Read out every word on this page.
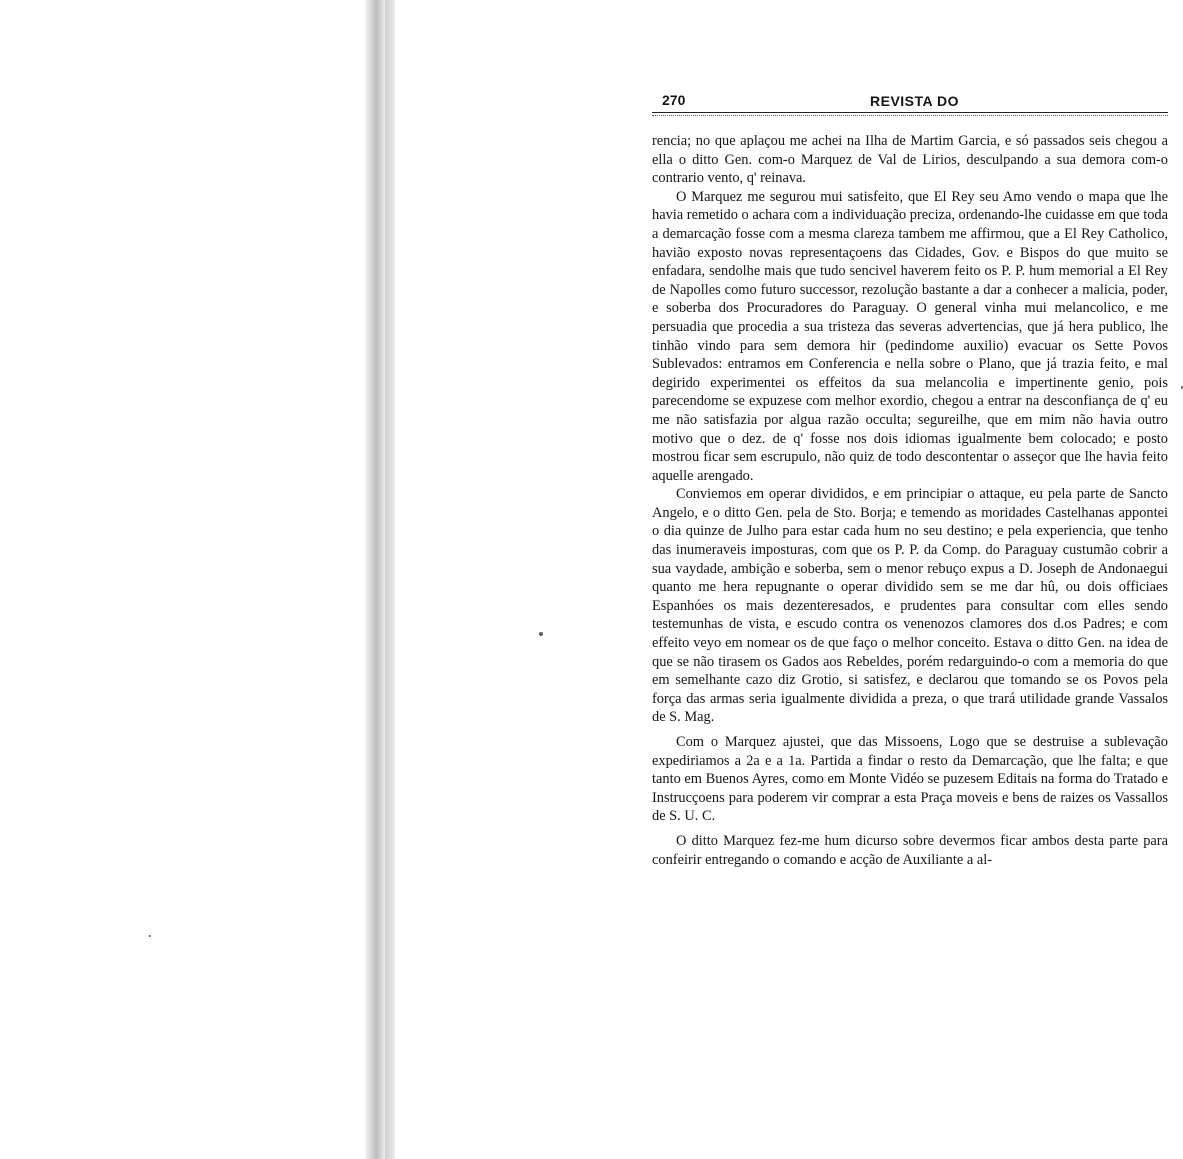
270	REVISTA DO

rencia; no que aplaçou me achei na Ilha de Martim Garcia, e só passados seis chegou a ella o ditto Gen. com-o Marquez de Val de Lirios, desculpando a sua demora com-o contrario vento, q' reinava.

O Marquez me segurou mui satisfeito, que El Rey seu Amo vendo o mapa que lhe havia remetido o achara com a individuação preciza, ordenando-lhe cuidasse em que toda a demarcação fosse com a mesma clareza tambem me affirmou, que a El Rey Catholico, havião exposto novas representaçoens das Cidades, Gov. e Bispos do que muito se enfadara, sendolhe mais que tudo sencivel haverem feito os P. P. hum memorial a El Rey de Napolles como futuro successor, rezolução bastante a dar a conhecer a malicia, poder, e soberba dos Procuradores do Paraguay. O general vinha mui melancolico, e me persuadia que procedia a sua tristeza das severas advertencias, que já hera publico, lhe tinhão vindo para sem demora hir (pedindome auxilio) evacuar os Sette Povos Sublevados: entramos em Conferencia e nella sobre o Plano, que já trazia feito, e mal degirido experimentei os effeitos da sua melancolia e impertinente genio, pois parecendome se expuzese com melhor exordio, chegou a entrar na desconfiança de q' eu me não satisfazia por algua razão occulta; segureilhe, que em mim não havia outro motivo que o dez. de q' fosse nos dois idiomas igualmente bem colocado; e posto mostrou ficar sem escrupulo, não quiz de todo descontentar o asseçor que lhe havia feito aquelle arengado.

Conviemos em operar divididos, e em principiar o attaque, eu pela parte de Sancto Angelo, e o ditto Gen. pela de Sto. Borja; e temendo as moridades Castelhanas appontei o dia quinze de Julho para estar cada hum no seu destino; e pela experiencia, que tenho das inumeraveis imposturas, com que os P. P. da Comp. do Paraguay custumão cobrir a sua vaydade, ambição e soberba, sem o menor rebuço expus a D. Joseph de Andonaegui quanto me hera repugnante o operar dividido sem se me dar hû, ou dois officiaes Espanhóes os mais dezenteresados, e prudentes para consultar com elles sendo testemunhas de vista, e escudo contra os venenozos clamores dos d.os Padres; e com effeito veyo em nomear os de que faço o melhor conceito. Estava o ditto Gen. na idea de que se não tirasem os Gados aos Rebeldes, porém redarguindo-o com a memoria do que em semelhante cazo diz Grotio, si satisfez, e declarou que tomando se os Povos pela força das armas seria igualmente dividida a preza, o que trará utilidade grande Vassalos de S. Mag.

Com o Marquez ajustei, que das Missoens, Logo que se destruise a sublevação expediriamos a 2a e a 1a. Partida a findar o resto da Demarcação, que lhe falta; e que tanto em Buenos Ayres, como em Monte Vidéo se puzesem Editais na forma do Tratado e Instrucçoens para poderem vir comprar a esta Praça moveis e bens de raizes os Vassallos de S. U. C.

O ditto Marquez fez-me hum dicurso sobre devermos ficar ambos desta parte para confeirir entregando o comando e acção de Auxiliante a al-
